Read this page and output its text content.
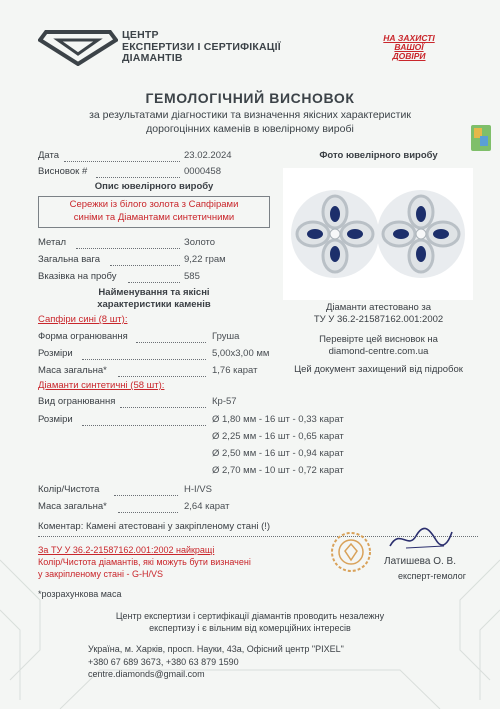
ЦЕНТР
ЕКСПЕРТИЗИ І СЕРТИФІКАЦІЇ
ДІАМАНТІВ
НА ЗАХИСТІ
ВАШОЇ
ДОВІРИ
ГЕМОЛОГІЧНИЙ ВИСНОВОК
за результатами діагностики та визначення якісних характеристик
дорогоцінних каменів в ювелірному виробі
Дата	23.02.2024
Висновок #	0000458
Опис ювелірного виробу
Сережки із білого золота з Сапфірами
синіми та Діамантами синтетичними
Метал	Золото
Загальна вага	9,22 грам
Вказівка на пробу	585
Найменування та якісні
характеристики каменів
Сапфіри сині (8 шт):
Форма огранювання	Груша
Розміри	5,00x3,00 мм
Маса загальна*	1,76 карат
Діаманти синтетичні (58 шт):
Вид огранювання	Кр-57
Розміри	Ø 1,80 мм - 16 шт - 0,33 карат
Ø 2,25 мм - 16 шт - 0,65 карат
Ø 2,50 мм - 16 шт - 0,94 карат
Ø 2,70 мм - 10 шт - 0,72 карат
Колір/Чистота	H-I/VS
Маса загальна*	2,64 карат
Коментар: Камені атестовані у закріпленому стані (!)
За ТУ У 36.2-21587162.001:2002 найкращі
Колір/Чистота діамантів, які можуть бути визначені
у закріпленому стані - G-H/VS
*розрахункова маса
Фото ювелірного виробу
Діаманти атестовано за
ТУ У 36.2-21587162.001:2002
Перевірте цей висновок на
diamond-centre.com.ua
Цей документ захищений від підробок
Латишева О. В.
експерт-гемолог
Центр експертизи і сертифікації діамантів проводить незалежну
експертизу і є вільним від комерційних інтересів
Україна, м. Харків, просп. Науки, 43а, Офісний центр "PIXEL"
+380 67 689 3673, +380 63 879 1590
centre.diamonds@gmail.com
